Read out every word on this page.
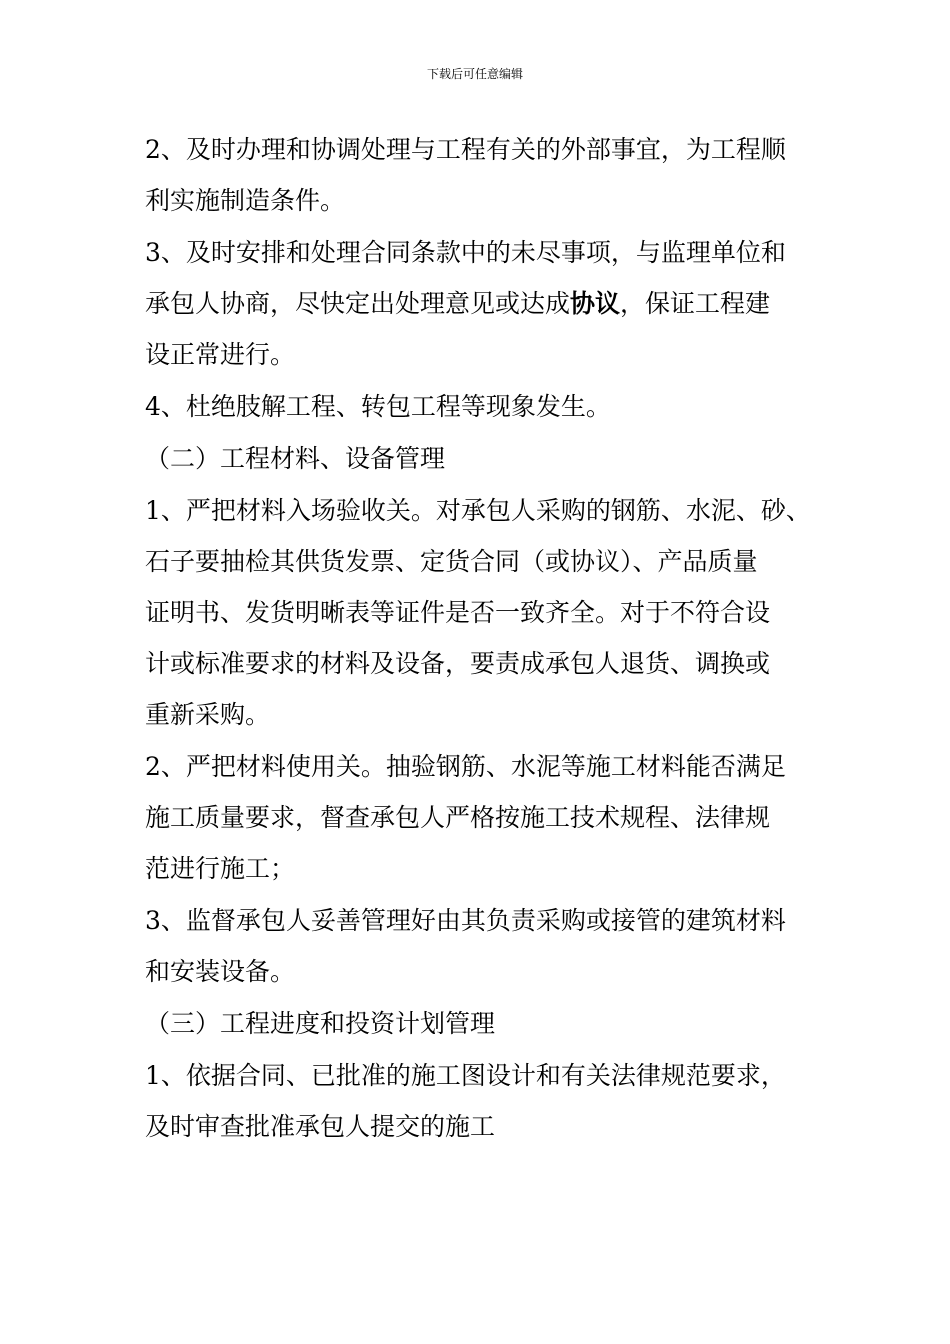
下载后可任意编辑
2、及时办理和协调处理与工程有关的外部事宜，为工程顺
利实施制造条件。
3、及时安排和处理合同条款中的未尽事项，与监理单位和
承包人协商，尽快定出处理意见或达成协议，保证工程建
设正常进行。
4、杜绝肢解工程、转包工程等现象发生。
（二）工程材料、设备管理
1、严把材料入场验收关。对承包人采购的钢筋、水泥、砂、
石子要抽检其供货发票、定货合同（或协议）、产品质量
证明书、发货明晰表等证件是否一致齐全。对于不符合设
计或标准要求的材料及设备，要责成承包人退货、调换或
重新采购。
2、严把材料使用关。抽验钢筋、水泥等施工材料能否满足
施工质量要求，督查承包人严格按施工技术规程、法律规
范进行施工；
3、监督承包人妥善管理好由其负责采购或接管的建筑材料
和安装设备。
（三）工程进度和投资计划管理
1、依据合同、已批准的施工图设计和有关法律规范要求，
及时审查批准承包人提交的施工
